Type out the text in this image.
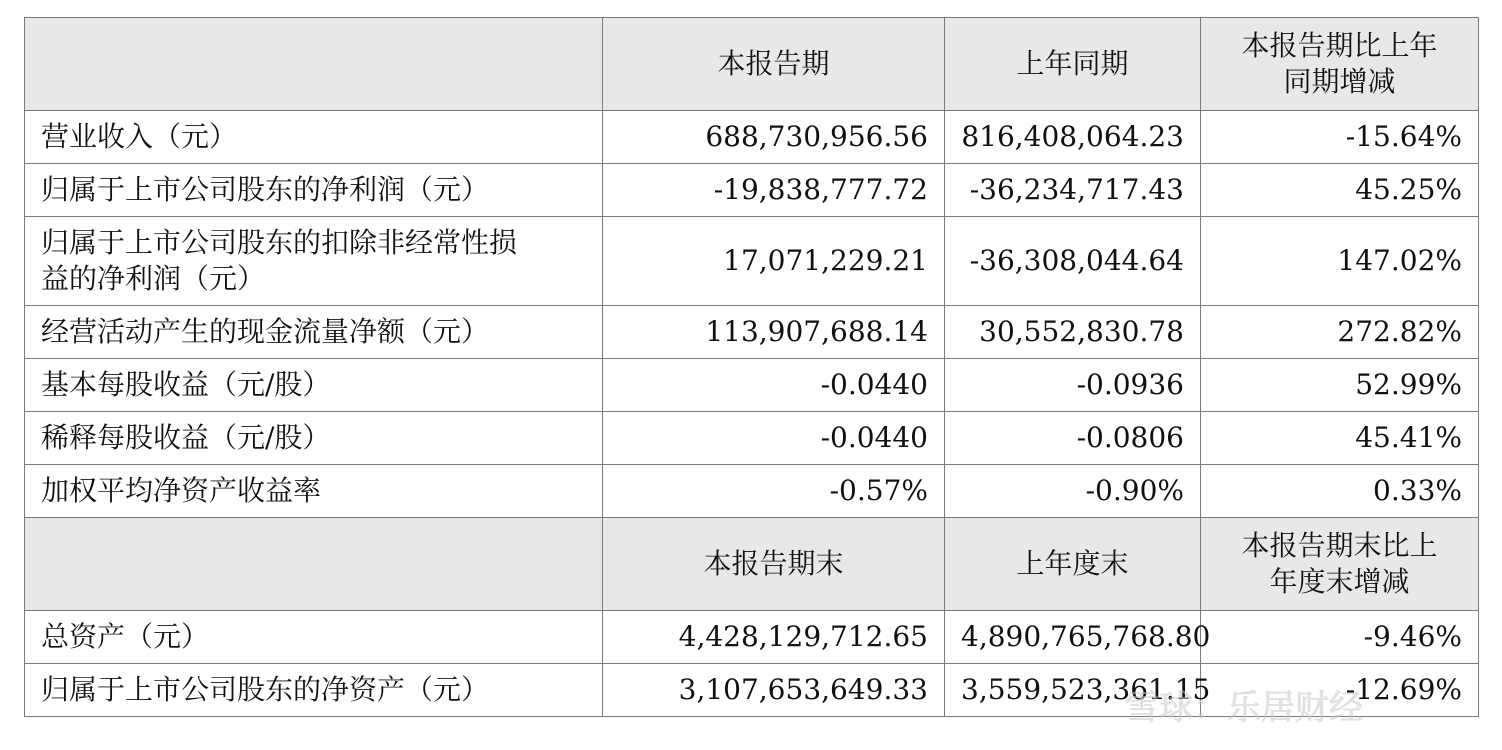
	本报告期	上年同期	本报告期比上年
同期增减

营业收入（元）	688,730,956.56	816,408,064.23	-15.64%
归属于上市公司股东的净利润（元）	-19,838,777.72	-36,234,717.43	45.25%

归属于上市公司股东的扣除非经常性损
益的净利润（元）	17,071,229.21	-36,308,044.64	147.02%
经营活动产生的现金流量净额（元）	113,907,688.14	30,552,830.78	272.82%
基本每股收益（元/股）	-0.0440	-0.0936	52.99%
稀释每股收益（元/股）	-0.0440	-0.0806	45.41%
加权平均净资产收益率	-0.57%	-0.90%	0.33%
	本报告期末	上年度末	本报告期末比上
年度末增减

总资产（元）	4,428,129,712.65	4,890,765,768.80	-9.46%
归属于上市公司股东的净资产（元）	3,107,653,649.33	3,559,523,361.15	-12.69%
雪球：乐居财经
